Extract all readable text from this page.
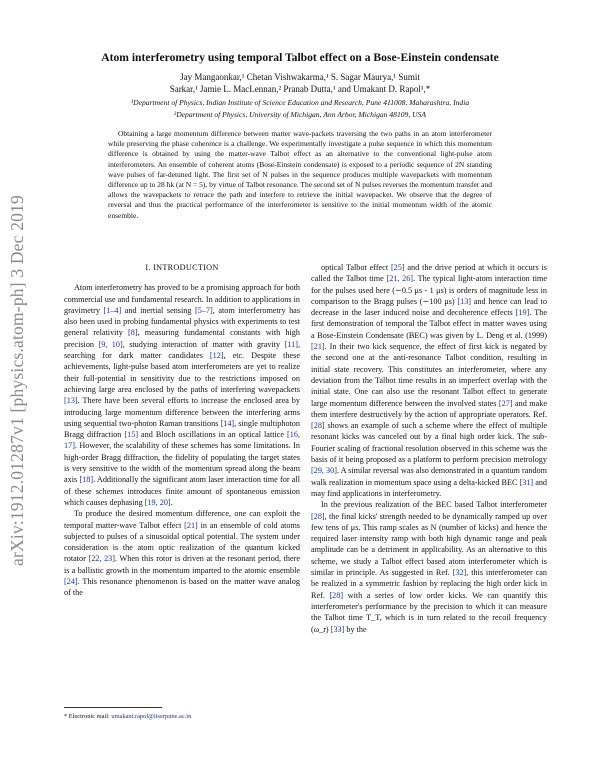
arXiv:1912.01287v1 [physics.atom-ph] 3 Dec 2019
Atom interferometry using temporal Talbot effect on a Bose-Einstein condensate
Jay Mangaonkar,¹ Chetan Vishwakarma,¹ S. Sagar Maurya,¹ Sumit
Sarkar,¹ Jamie L. MacLennan,² Pranab Dutta,¹ and Umakant D. Rapol¹,*
¹Department of Physics, Indian Institute of Science Education and Research, Pune 411008, Maharashtra, India
²Department of Physics, University of Michigan, Ann Arbor, Michigan 48109, USA

Obtaining a large momentum difference between matter wave-packets traversing the two paths in an atom interferometer while preserving the phase coherence is a challenge. We experimentally investigate a pulse sequence in which this momentum difference is obtained by using the matter-wave Talbot effect as an alternative to the conventional light-pulse atom interferometers. An ensemble of coherent atoms (Bose-Einstein condensate) is exposed to a periodic sequence of 2N standing wave pulses of far-detuned light. The first set of N pulses in the sequence produces multiple wavepackets with momentum difference up to 28 ħk (at N = 5), by virtue of Talbot resonance. The second set of N pulses reverses the momentum transfer and allows the wavepackets to retrace the path and interfere to retrieve the initial wavepacket. We observe that the degree of reversal and thus the practical performance of the interferometer is sensitive to the initial momentum width of the atomic ensemble.

I. INTRODUCTION

Atom interferometry has proved to be a promising approach for both commercial use and fundamental research. In addition to applications in gravimetry [1–4] and inertial sensing [5–7], atom interferometry has also been used in probing fundamental physics with experiments to test general relativity [8], measuring fundamental constants with high precision [9, 10], studying interaction of matter with gravity [11], searching for dark matter candidates [12], etc. Despite these achievements, light-pulse based atom interferometers are yet to realize their full-potential in sensitivity due to the restrictions imposed on achieving large area enclosed by the paths of interfering wavepackets [13]. There have been several efforts to increase the enclosed area by introducing large momentum difference between the interfering arms using sequential two-photon Raman transitions [14], single multiphoton Bragg diffraction [15] and Bloch oscillations in an optical lattice [16, 17]. However, the scalability of these schemes has some limitations. In high-order Bragg diffraction, the fidelity of populating the target states is very sensitive to the width of the momentum spread along the beam axis [18]. Additionally the significant atom laser interaction time for all of these schemes introduces finite amount of spontaneous emission which causes dephasing [19, 20].

To produce the desired momentum difference, one can exploit the temporal matter-wave Talbot effect [21] in an ensemble of cold atoms subjected to pulses of a sinusoidal optical potential. The system under consideration is the atom optic realization of the quantum kicked rotator [22, 23]. When this rotor is driven at the resonant period, there is a ballistic growth in the momentum imparted to the atomic ensemble [24]. This resonance phenomenon is based on the matter wave analog of the

optical Talbot effect [25] and the drive period at which it occurs is called the Talbot time [21, 26]. The typical light-atom interaction time for the pulses used here (∼0.5 μs - 1 μs) is orders of magnitude less in comparison to the Bragg pulses (∼100 μs) [13] and hence can lead to decrease in the laser induced noise and decoherence effects [19]. The first demonstration of temporal the Talbot effect in matter waves using a Bose-Einstein Condensate (BEC) was given by L. Deng et al. (1999) [21]. In their two kick sequence, the effect of first kick is negated by the second one at the anti-resonance Talbot condition, resulting in initial state recovery. This constitutes an interferometer, where any deviation from the Talbot time results in an imperfect overlap with the initial state. One can also use the resonant Talbot effect to generate large momentum difference between the involved states [27] and make them interfere destructively by the action of appropriate operators. Ref. [28] shows an example of such a scheme where the effect of multiple resonant kicks was canceled out by a final high order kick. The sub-Fourier scaling of fractional resolution observed in this scheme was the basis of it being proposed as a platform to perform precision metrology [29, 30]. A similar reversal was also demonstrated in a quantum random walk realization in momentum space using a delta-kicked BEC [31] and may find applications in interferometry.

In the previous realization of the BEC based Talbot interferometer [28], the final kicks' strength needed to be dynamically ramped up over few tens of μs. This ramp scales as N (number of kicks) and hence the required laser intensity ramp with both high dynamic range and peak amplitude can be a detriment in applicability. As an alternative to this scheme, we study a Talbot effect based atom interferometer which is similar in principle. As suggested in Ref. [32], this interferometer can be realized in a symmetric fashion by replacing the high order kick in Ref. [28] with a series of low order kicks. We can quantify this interferometer's performance by the precision to which it can measure the Talbot time T_T, which is in turn related to the recoil frequency (ω_r) [33] by the

* Electronic mail: umakant.rapol@iiserpune.ac.in
